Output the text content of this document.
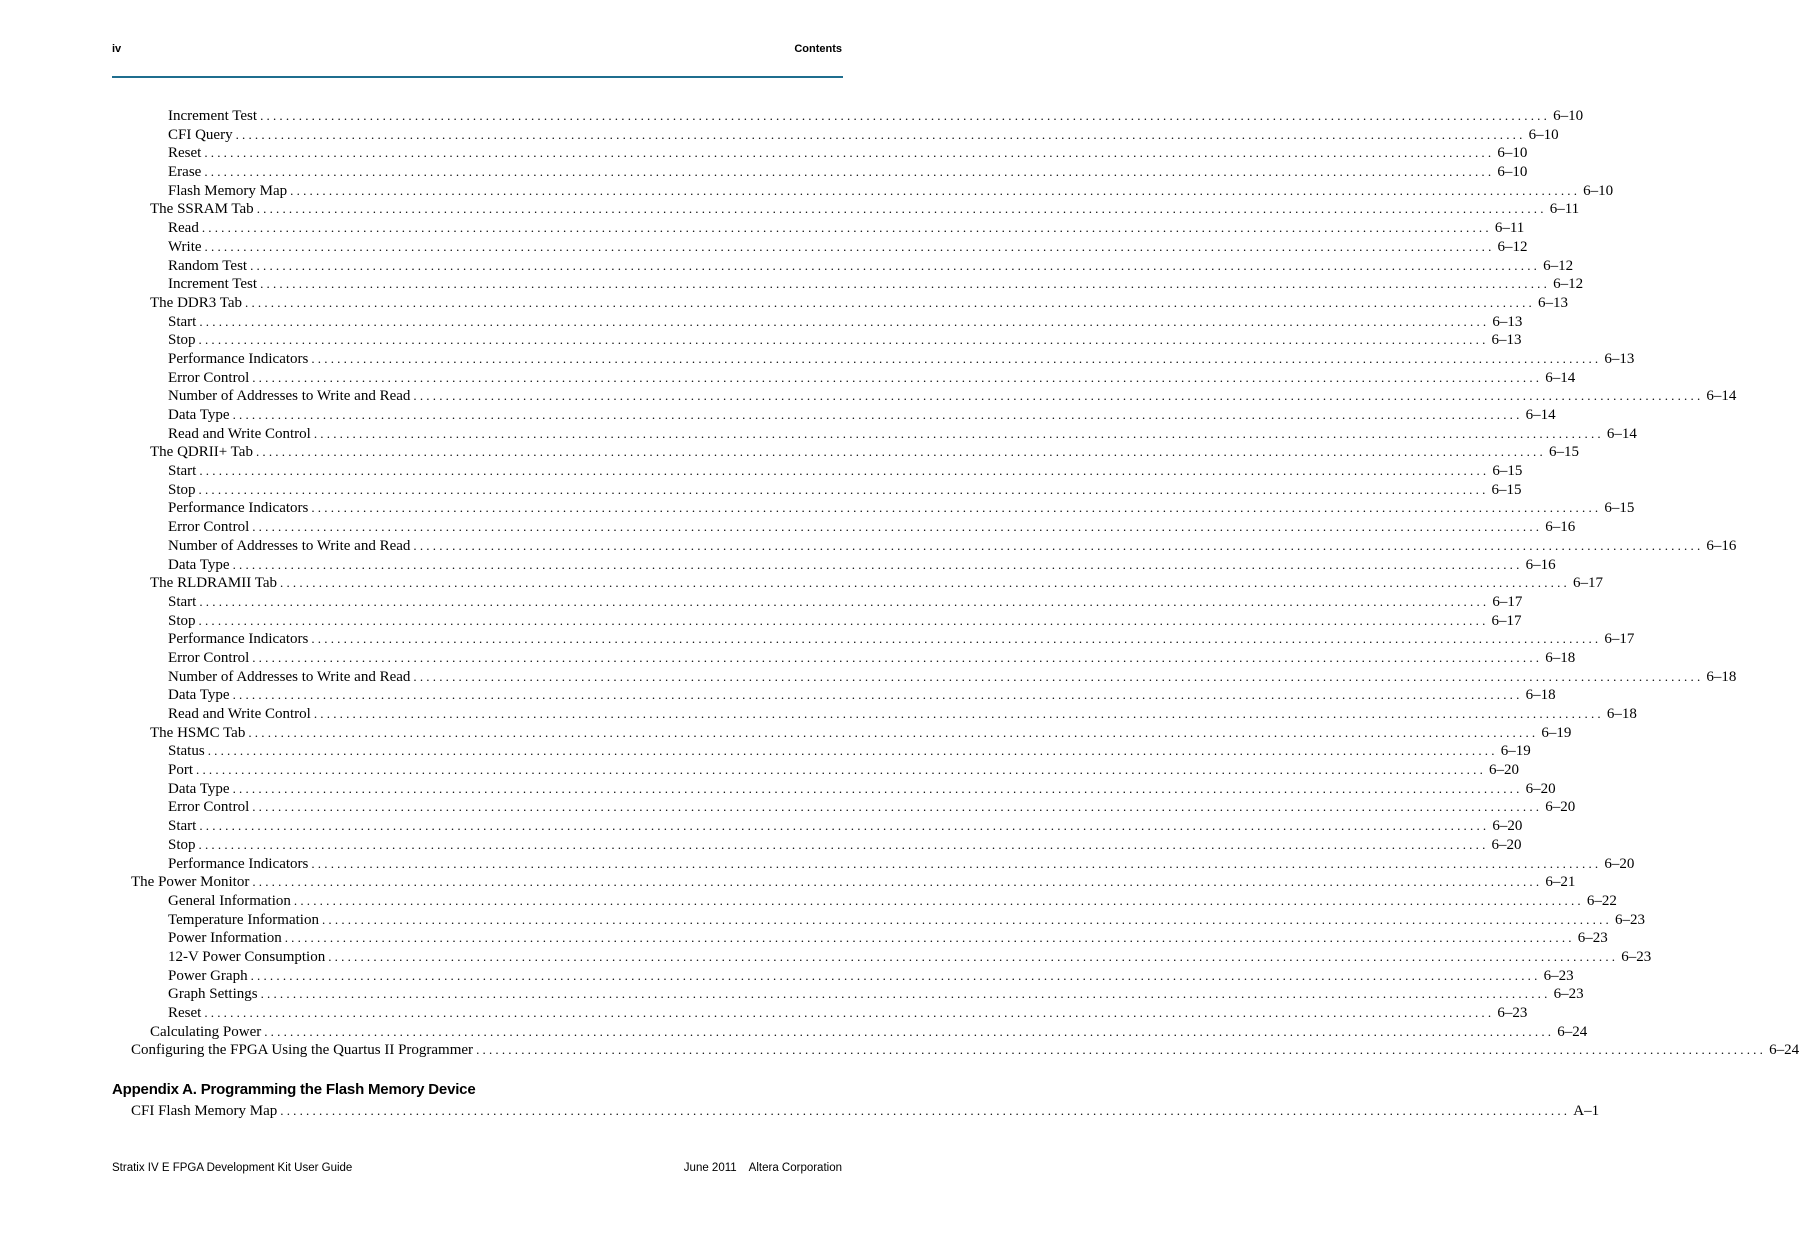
iv	Contents
Increment Test ........................................................................................................................................................................................................ 6–10
CFI Query ........................................................................................................................................................................................................ 6–10
Reset ........................................................................................................................................................................................................ 6–10
Erase ........................................................................................................................................................................................................ 6–10
Flash Memory Map ........................................................................................................................................................................................................ 6–10
The SSRAM Tab ........................................................................................................................................................................................................ 6–11
Read ........................................................................................................................................................................................................ 6–11
Write ........................................................................................................................................................................................................ 6–12
Random Test ........................................................................................................................................................................................................ 6–12
Increment Test ........................................................................................................................................................................................................ 6–12
The DDR3 Tab ........................................................................................................................................................................................................ 6–13
Start ........................................................................................................................................................................................................ 6–13
Stop ........................................................................................................................................................................................................ 6–13
Performance Indicators ........................................................................................................................................................................................................ 6–13
Error Control ........................................................................................................................................................................................................ 6–14
Number of Addresses to Write and Read ........................................................................................................................................................................................................ 6–14
Data Type ........................................................................................................................................................................................................ 6–14
Read and Write Control ........................................................................................................................................................................................................ 6–14
The QDRII+ Tab ........................................................................................................................................................................................................ 6–15
Start ........................................................................................................................................................................................................ 6–15
Stop ........................................................................................................................................................................................................ 6–15
Performance Indicators ........................................................................................................................................................................................................ 6–15
Error Control ........................................................................................................................................................................................................ 6–16
Number of Addresses to Write and Read ........................................................................................................................................................................................................ 6–16
Data Type ........................................................................................................................................................................................................ 6–16
The RLDRAMII Tab ........................................................................................................................................................................................................ 6–17
Start ........................................................................................................................................................................................................ 6–17
Stop ........................................................................................................................................................................................................ 6–17
Performance Indicators ........................................................................................................................................................................................................ 6–17
Error Control ........................................................................................................................................................................................................ 6–18
Number of Addresses to Write and Read ........................................................................................................................................................................................................ 6–18
Data Type ........................................................................................................................................................................................................ 6–18
Read and Write Control ........................................................................................................................................................................................................ 6–18
The HSMC Tab ........................................................................................................................................................................................................ 6–19
Status ........................................................................................................................................................................................................ 6–19
Port ........................................................................................................................................................................................................ 6–20
Data Type ........................................................................................................................................................................................................ 6–20
Error Control ........................................................................................................................................................................................................ 6–20
Start ........................................................................................................................................................................................................ 6–20
Stop ........................................................................................................................................................................................................ 6–20
Performance Indicators ........................................................................................................................................................................................................ 6–20
The Power Monitor ........................................................................................................................................................................................................ 6–21
General Information ........................................................................................................................................................................................................ 6–22
Temperature Information ........................................................................................................................................................................................................ 6–23
Power Information ........................................................................................................................................................................................................ 6–23
12-V Power Consumption ........................................................................................................................................................................................................ 6–23
Power Graph ........................................................................................................................................................................................................ 6–23
Graph Settings ........................................................................................................................................................................................................ 6–23
Reset ........................................................................................................................................................................................................ 6–23
Calculating Power ........................................................................................................................................................................................................ 6–24
Configuring the FPGA Using the Quartus II Programmer ........................................................................................................................................................................................................ 6–24
Appendix A. Programming the Flash Memory Device
CFI Flash Memory Map ........................................................................................................................................................................................................ A–1
Stratix IV E FPGA Development Kit User Guide	June 2011 Altera Corporation
